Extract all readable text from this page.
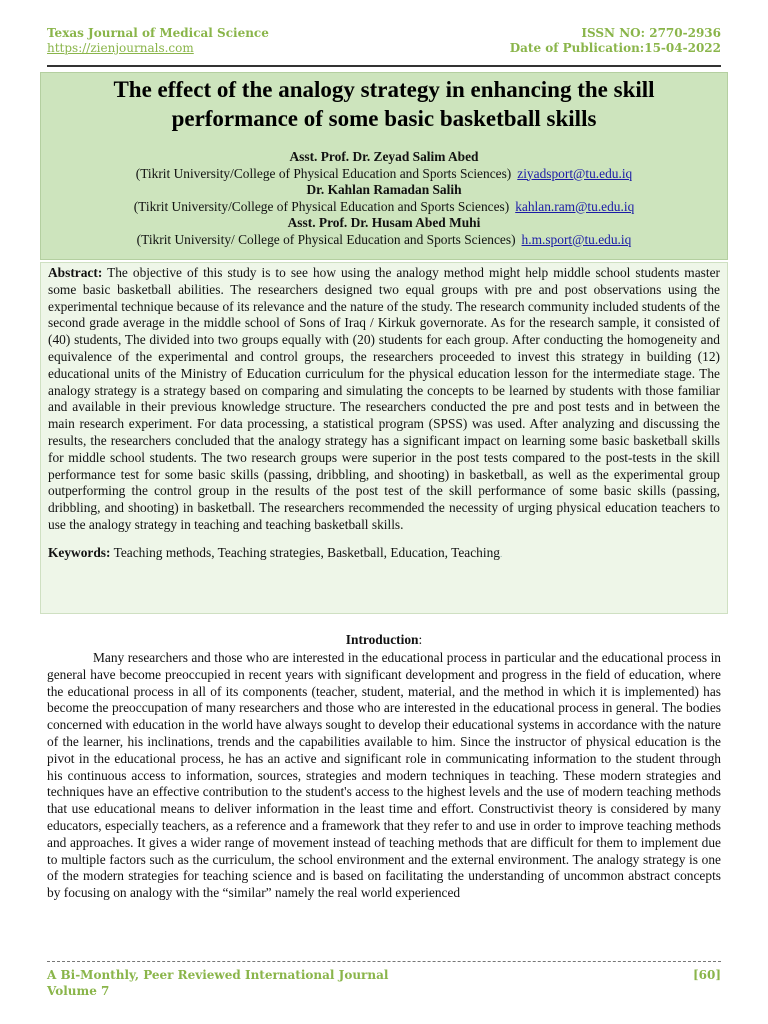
Texas Journal of Medical Science
https://zienjournals.com
ISSN NO: 2770-2936
Date of Publication:15-04-2022
The effect of the analogy strategy in enhancing the skill performance of some basic basketball skills
Asst. Prof. Dr. Zeyad Salim Abed
(Tikrit University/College of Physical Education and Sports Sciences) ziyadsport@tu.edu.iq
Dr. Kahlan Ramadan Salih
(Tikrit University/College of Physical Education and Sports Sciences) kahlan.ram@tu.edu.iq
Asst. Prof. Dr. Husam Abed Muhi
(Tikrit University/ College of Physical Education and Sports Sciences) h.m.sport@tu.edu.iq

Abstract: The objective of this study is to see how using the analogy method might help middle school students master some basic basketball abilities. The researchers designed two equal groups with pre and post observations using the experimental technique because of its relevance and the nature of the study. The research community included students of the second grade average in the middle school of Sons of Iraq / Kirkuk governorate. As for the research sample, it consisted of (40) students, The divided into two groups equally with (20) students for each group. After conducting the homogeneity and equivalence of the experimental and control groups, the researchers proceeded to invest this strategy in building (12) educational units of the Ministry of Education curriculum for the physical education lesson for the intermediate stage. The analogy strategy is a strategy based on comparing and simulating the concepts to be learned by students with those familiar and available in their previous knowledge structure. The researchers conducted the pre and post tests and in between the main research experiment. For data processing, a statistical program (SPSS) was used. After analyzing and discussing the results, the researchers concluded that the analogy strategy has a significant impact on learning some basic basketball skills for middle school students. The two research groups were superior in the post tests compared to the post-tests in the skill performance test for some basic skills (passing, dribbling, and shooting) in basketball, as well as the experimental group outperforming the control group in the results of the post test of the skill performance of some basic skills (passing, dribbling, and shooting) in basketball. The researchers recommended the necessity of urging physical education teachers to use the analogy strategy in teaching and teaching basketball skills.

Keywords: Teaching methods, Teaching strategies, Basketball, Education, Teaching.

Introduction:

Many researchers and those who are interested in the educational process in particular and the educational process in general have become preoccupied in recent years with significant development and progress in the field of education, where the educational process in all of its components (teacher, student, material, and the method in which it is implemented) has become the preoccupation of many researchers and those who are interested in the educational process in general. The bodies concerned with education in the world have always sought to develop their educational systems in accordance with the nature of the learner, his inclinations, trends and the capabilities available to him. Since the instructor of physical education is the pivot in the educational process, he has an active and significant role in communicating information to the student through his continuous access to information, sources, strategies and modern techniques in teaching. These modern strategies and techniques have an effective contribution to the student's access to the highest levels and the use of modern teaching methods that use educational means to deliver information in the least time and effort. Constructivist theory is considered by many educators, especially teachers, as a reference and a framework that they refer to and use in order to improve teaching methods and approaches. It gives a wider range of movement instead of teaching methods that are difficult for them to implement due to multiple factors such as the curriculum, the school environment and the external environment. The analogy strategy is one of the modern strategies for teaching science and is based on facilitating the understanding of uncommon abstract concepts by focusing on analogy with the “similar” namely the real world experienced

A Bi-Monthly, Peer Reviewed International Journal
Volume 7
[60]
